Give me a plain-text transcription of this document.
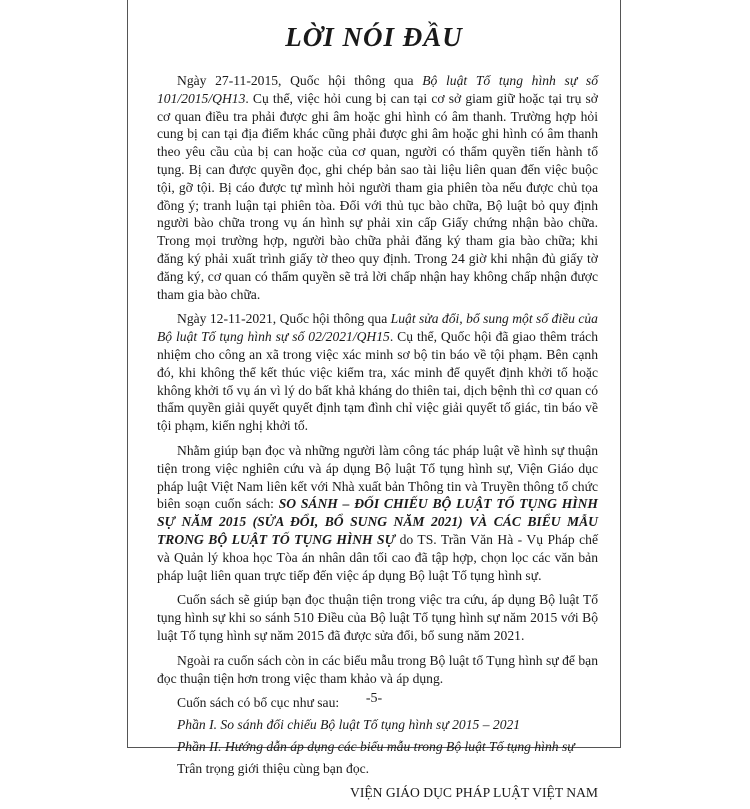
LỜI NÓI ĐẦU

Ngày 27-11-2015, Quốc hội thông qua Bộ luật Tố tụng hình sự số 101/2015/QH13. Cụ thể, việc hỏi cung bị can tại cơ sở giam giữ hoặc tại trụ sở cơ quan điều tra phải được ghi âm hoặc ghi hình có âm thanh. Trường hợp hỏi cung bị can tại địa điểm khác cũng phải được ghi âm hoặc ghi hình có âm thanh theo yêu cầu của bị can hoặc của cơ quan, người có thẩm quyền tiến hành tố tụng. Bị can được quyền đọc, ghi chép bản sao tài liệu liên quan đến việc buộc tội, gỡ tội. Bị cáo được tự mình hỏi người tham gia phiên tòa nếu được chủ tọa đồng ý; tranh luận tại phiên tòa. Đối với thủ tục bào chữa, Bộ luật bỏ quy định người bào chữa trong vụ án hình sự phải xin cấp Giấy chứng nhận bào chữa. Trong mọi trường hợp, người bào chữa phải đăng ký tham gia bào chữa; khi đăng ký phải xuất trình giấy tờ theo quy định. Trong 24 giờ khi nhận đủ giấy tờ đăng ký, cơ quan có thẩm quyền sẽ trả lời chấp nhận hay không chấp nhận được tham gia bào chữa.

Ngày 12-11-2021, Quốc hội thông qua Luật sửa đổi, bổ sung một số điều của Bộ luật Tố tụng hình sự số 02/2021/QH15. Cụ thể, Quốc hội đã giao thêm trách nhiệm cho công an xã trong việc xác minh sơ bộ tin báo về tội phạm. Bên cạnh đó, khi không thể kết thúc việc kiểm tra, xác minh để quyết định khởi tố hoặc không khởi tố vụ án vì lý do bất khả kháng do thiên tai, dịch bệnh thì cơ quan có thẩm quyền giải quyết quyết định tạm đình chỉ việc giải quyết tố giác, tin báo về tội phạm, kiến nghị khởi tố.

Nhằm giúp bạn đọc và những người làm công tác pháp luật về hình sự thuận tiện trong việc nghiên cứu và áp dụng Bộ luật Tố tụng hình sự, Viện Giáo dục pháp luật Việt Nam liên kết với Nhà xuất bản Thông tin và Truyền thông tổ chức biên soạn cuốn sách: SO SÁNH – ĐỐI CHIẾU BỘ LUẬT TỐ TỤNG HÌNH SỰ NĂM 2015 (SỬA ĐỔI, BỔ SUNG NĂM 2021) VÀ CÁC BIỂU MẪU TRONG BỘ LUẬT TỐ TỤNG HÌNH SỰ do TS. Trần Văn Hà - Vụ Pháp chế và Quản lý khoa học Tòa án nhân dân tối cao đã tập hợp, chọn lọc các văn bản pháp luật liên quan trực tiếp đến việc áp dụng Bộ luật Tố tụng hình sự.

Cuốn sách sẽ giúp bạn đọc thuận tiện trong việc tra cứu, áp dụng Bộ luật Tố tụng hình sự khi so sánh 510 Điều của Bộ luật Tố tụng hình sự năm 2015 với Bộ luật Tố tụng hình sự năm 2015 đã được sửa đổi, bổ sung năm 2021.

Ngoài ra cuốn sách còn in các biểu mẫu trong Bộ luật tố Tụng hình sự để bạn đọc thuận tiện hơn trong việc tham khảo và áp dụng.

Cuốn sách có bố cục như sau:

Phần I. So sánh đối chiếu Bộ luật Tố tụng hình sự 2015 – 2021

Phần II. Hướng dẫn áp dụng các biểu mẫu trong Bộ luật Tố tụng hình sự

Trân trọng giới thiệu cùng bạn đọc.

VIỆN GIÁO DỤC PHÁP LUẬT VIỆT NAM

-5-
